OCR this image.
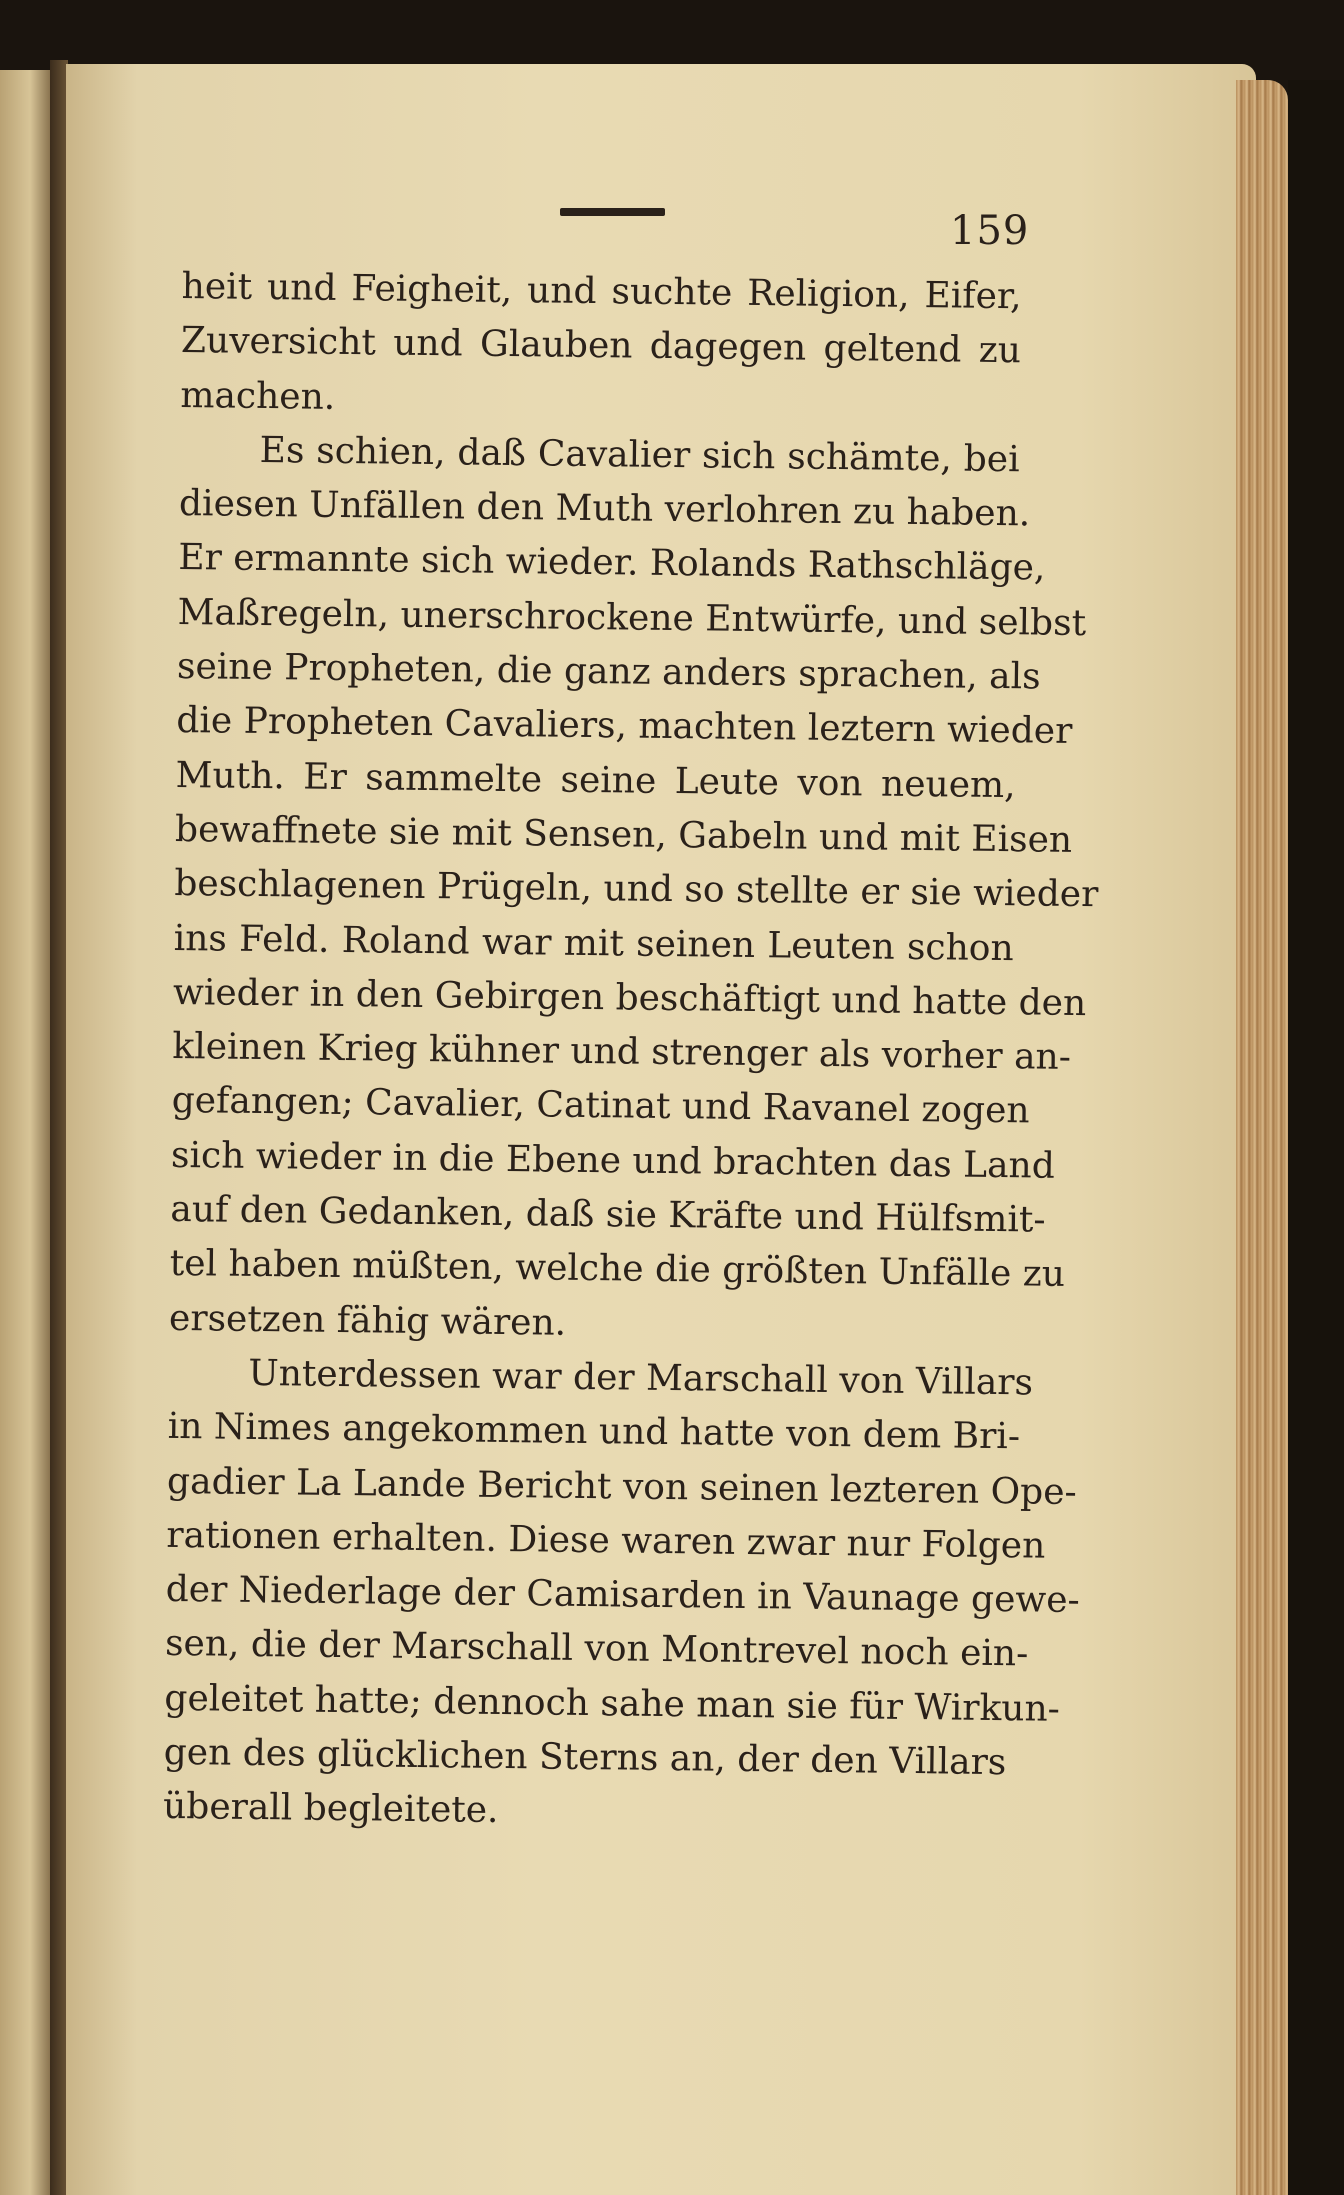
159
heit und Feigheit, und suchte Religion, Eifer,
Zuversicht und Glauben dagegen geltend zu
machen.
Es schien, daß Cavalier sich schämte, bei
diesen Unfällen den Muth verlohren zu haben.
Er ermannte sich wieder. Rolands Rathschläge,
Maßregeln, unerschrockene Entwürfe, und selbst
seine Propheten, die ganz anders sprachen, als
die Propheten Cavaliers, machten leztern wieder
Muth. Er sammelte seine Leute von neuem,
bewaffnete sie mit Sensen, Gabeln und mit Eisen
beschlagenen Prügeln, und so stellte er sie wieder
ins Feld. Roland war mit seinen Leuten schon
wieder in den Gebirgen beschäftigt und hatte den
kleinen Krieg kühner und strenger als vorher an-
gefangen; Cavalier, Catinat und Ravanel zogen
sich wieder in die Ebene und brachten das Land
auf den Gedanken, daß sie Kräfte und Hülfsmit-
tel haben müßten, welche die größten Unfälle zu
ersetzen fähig wären.
Unterdessen war der Marschall von Villars
in Nimes angekommen und hatte von dem Bri-
gadier La Lande Bericht von seinen lezteren Ope-
rationen erhalten. Diese waren zwar nur Folgen
der Niederlage der Camisarden in Vaunage gewe-
sen, die der Marschall von Montrevel noch ein-
geleitet hatte; dennoch sahe man sie für Wirkun-
gen des glücklichen Sterns an, der den Villars
überall begleitete.
